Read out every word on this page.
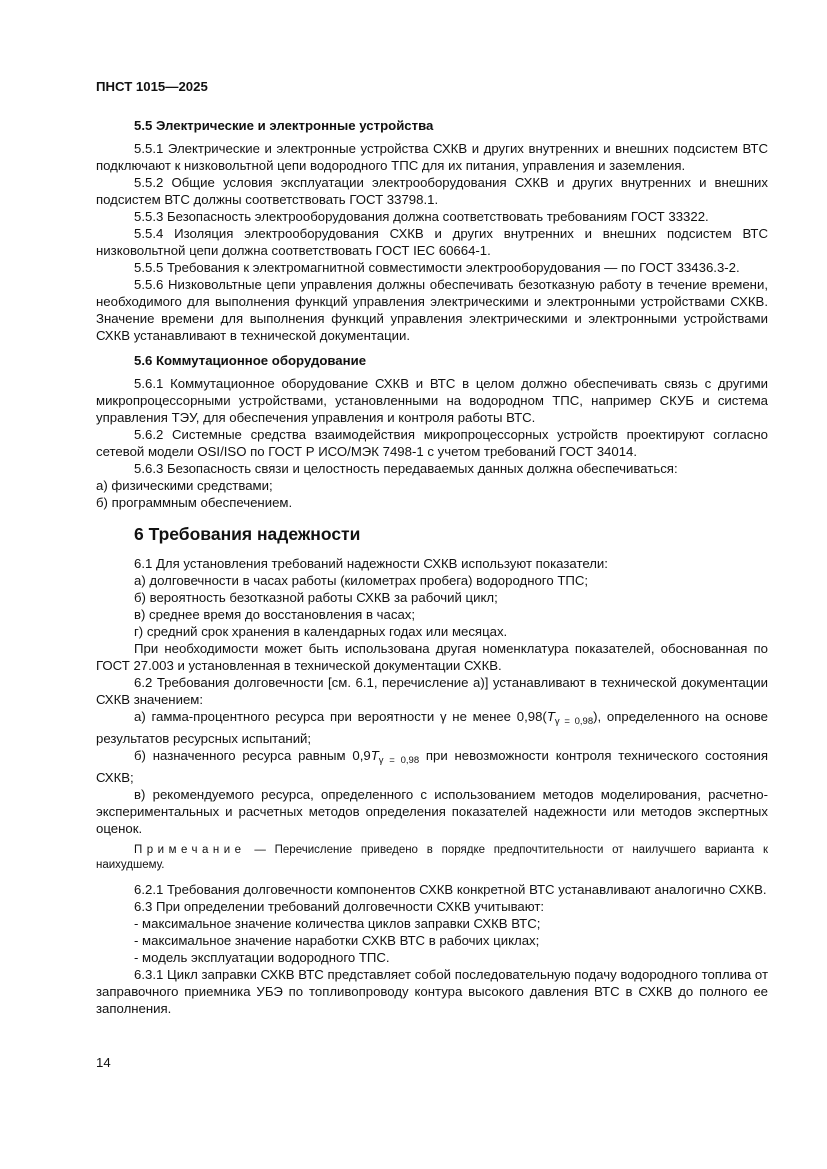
ПНСТ 1015—2025

5.5 Электрические и электронные устройства

5.5.1 Электрические и электронные устройства СХКВ и других внутренних и внешних подсистем ВТС подключают к низковольтной цепи водородного ТПС для их питания, управления и заземления.

5.5.2 Общие условия эксплуатации электрооборудования СХКВ и других внутренних и внешних подсистем ВТС должны соответствовать ГОСТ 33798.1.

5.5.3 Безопасность электрооборудования должна соответствовать требованиям ГОСТ 33322.

5.5.4 Изоляция электрооборудования СХКВ и других внутренних и внешних подсистем ВТС низковольтной цепи должна соответствовать ГОСТ IEC 60664-1.

5.5.5 Требования к электромагнитной совместимости электрооборудования — по ГОСТ 33436.3-2.

5.5.6 Низковольтные цепи управления должны обеспечивать безотказную работу в течение времени, необходимого для выполнения функций управления электрическими и электронными устройствами СХКВ. Значение времени для выполнения функций управления электрическими и электронными устройствами СХКВ устанавливают в технической документации.

5.6 Коммутационное оборудование

5.6.1 Коммутационное оборудование СХКВ и ВТС в целом должно обеспечивать связь с другими микропроцессорными устройствами, установленными на водородном ТПС, например СКУБ и система управления ТЭУ, для обеспечения управления и контроля работы ВТС.

5.6.2 Системные средства взаимодействия микропроцессорных устройств проектируют согласно сетевой модели OSI/ISO по ГОСТ Р ИСО/МЭК 7498-1 с учетом требований ГОСТ 34014.

5.6.3 Безопасность связи и целостность передаваемых данных должна обеспечиваться:

а) физическими средствами;

б) программным обеспечением.

6 Требования надежности

6.1 Для установления требований надежности СХКВ используют показатели:

а) долговечности в часах работы (километрах пробега) водородного ТПС;

б) вероятность безотказной работы СХКВ за рабочий цикл;

в) среднее время до восстановления в часах;

г) средний срок хранения в календарных годах или месяцах.

При необходимости может быть использована другая номенклатура показателей, обоснованная по ГОСТ 27.003 и установленная в технической документации СХКВ.

6.2 Требования долговечности [см. 6.1, перечисление а)] устанавливают в технической документации СХКВ значением:

а) гамма-процентного ресурса при вероятности γ не менее $0,98(T_{\gamma = 0,98})$, определенного на основе результатов ресурсных испытаний;

б) назначенного ресурса равным $0,9T_{\gamma = 0,98}$ при невозможности контроля технического состояния СХКВ;

в) рекомендуемого ресурса, определенного с использованием методов моделирования, расчетно-экспериментальных и расчетных методов определения показателей надежности или методов экспертных оценок.

Примечание — Перечисление приведено в порядке предпочтительности от наилучшего варианта к наихудшему.

6.2.1 Требования долговечности компонентов СХКВ конкретной ВТС устанавливают аналогично СХКВ.

6.3 При определении требований долговечности СХКВ учитывают:

- максимальное значение количества циклов заправки СХКВ ВТС;

- максимальное значение наработки СХКВ ВТС в рабочих циклах;

- модель эксплуатации водородного ТПС.

6.3.1 Цикл заправки СХКВ ВТС представляет собой последовательную подачу водородного топлива от заправочного приемника УБЭ по топливопроводу контура высокого давления ВТС в СХКВ до полного ее заполнения.

14
